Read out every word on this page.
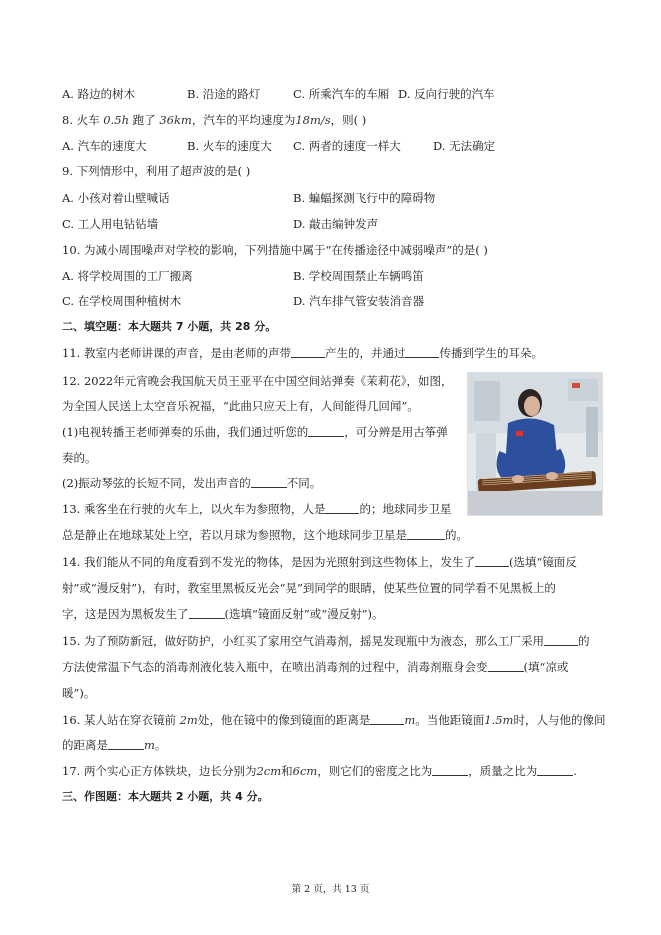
A. 路边的树木	B. 沿途的路灯	C. 所乘汽车的车厢 D. 反向行驶的汽车
8. 火车 0.5h 跑了 36km，汽车的平均速度为18m/s，则( )
A. 汽车的速度大	B. 火车的速度大 C. 两者的速度一样大	D. 无法确定
9. 下列情形中，利用了超声波的是( )
A. 小孩对着山壁喊话	B. 蝙蝠探测飞行中的障碍物
C. 工人用电钻钻墙	D. 敲击编钟发声
10. 为减小周围噪声对学校的影响，下列措施中属于“在传播途径中减弱噪声”的是( )
A. 将学校周围的工厂搬离	B. 学校周围禁止车辆鸣笛
C. 在学校周围种植树木	D. 汽车排气管安装消音器
二、填空题：本大题共 7 小题，共 28 分。
11. 教室内老师讲课的声音，是由老师的声带	产生的，并通过	传播到学生的耳朵。
12. 2022年元宵晚会我国航天员王亚平在中国空间站弹奏《茉莉花》，如图，
为全国人民送上太空音乐祝福，“此曲只应天上有，人间能得几回闻”。
(1)电视转播王老师弹奏的乐曲，我们通过听您的	，可分辨是用古筝弹
奏的。
(2)振动琴弦的长短不同，发出声音的	不同。
13. 乘客坐在行驶的火车上，以火车为参照物，人是	的；地球同步卫星
总是静止在地球某处上空，若以月球为参照物，这个地球同步卫星是	的。
14. 我们能从不同的角度看到不发光的物体，是因为光照射到这些物体上，发生了	(选填“镜面反
射”或“漫反射”)，有时，教室里黑板反光会“晃”到同学的眼睛，使某些位置的同学看不见黑板上的
字，这是因为黑板发生了	(选填“镜面反射”或“漫反射”)。
15. 为了预防新冠，做好防护，小红买了家用空气消毒剂，摇晃发现瓶中为液态，那么工厂采用	的
方法使常温下气态的消毒剂液化装入瓶中，在喷出消毒剂的过程中，消毒剂瓶身会变	(填“凉或
暖”)。
16. 某人站在穿衣镜前 2m处，他在镜中的像到镜面的距离是	m。当他距镜面1.5m时，人与他的像间
的距离是	m。
17. 两个实心正方体铁块，边长分别为2cm和6cm，则它们的密度之比为	，质量之比为	.
三、作图题：本大题共 2 小题，共 4 分。
第 2 页，共 13 页
